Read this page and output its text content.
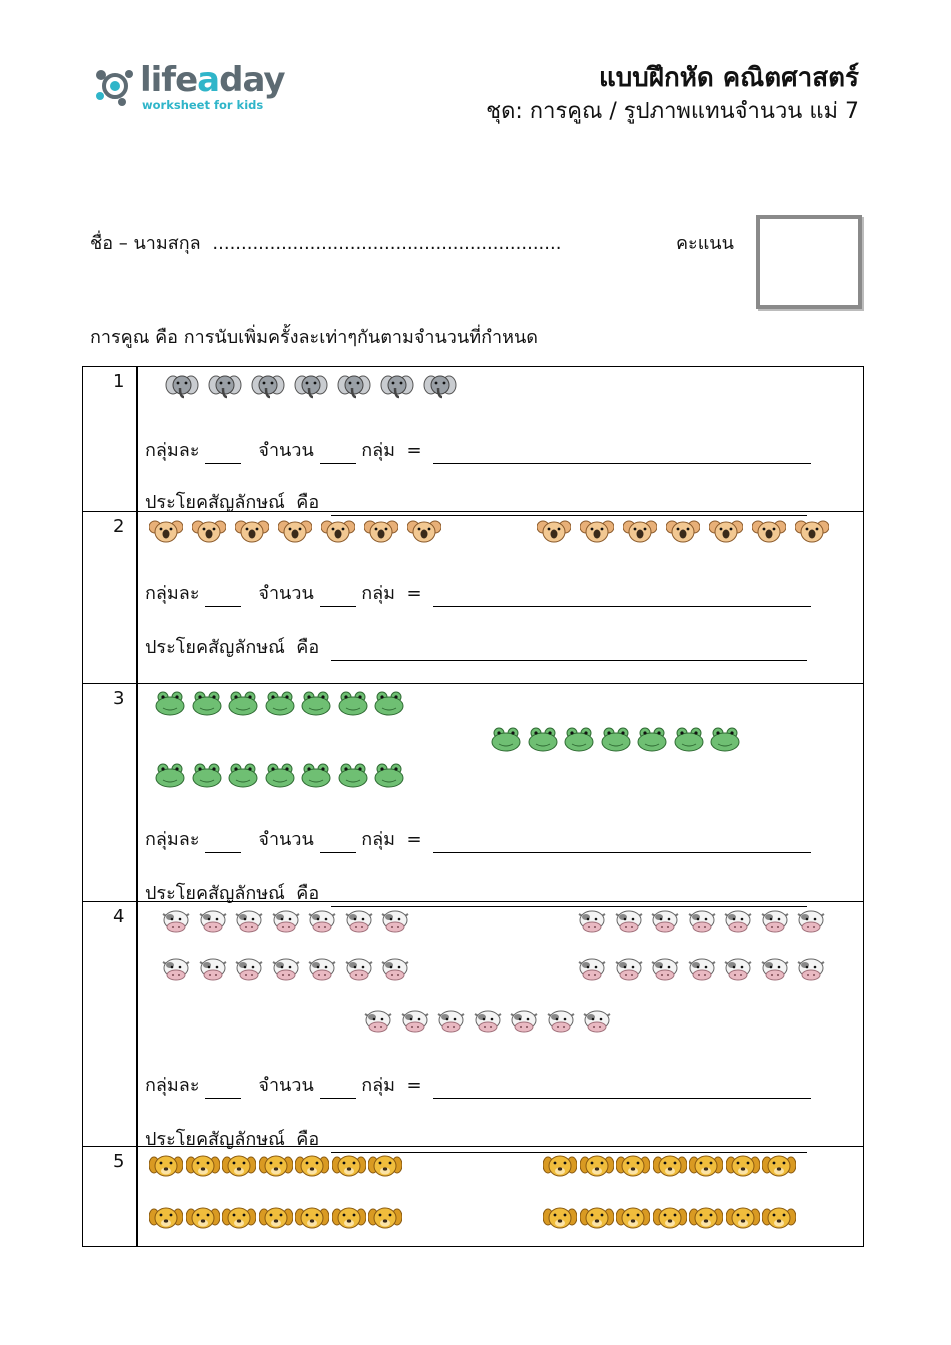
lifeaday
worksheet for kids
แบบฝึกหัด คณิตศาสตร์
ชุด: การคูณ / รูปภาพแทนจำนวน แม่ 7
ชื่อ – นามสกุล .............................................................	คะแนน
การคูณ คือ การนับเพิ่มครั้งละเท่าๆกันตามจำนวนที่กำหนด
1
กลุ่มละ	จำนวน	กลุ่ม =
ประโยคสัญลักษณ์ คือ
2
กลุ่มละ	จำนวน	กลุ่ม =
ประโยคสัญลักษณ์ คือ
3
กลุ่มละ	จำนวน	กลุ่ม =
ประโยคสัญลักษณ์ คือ
4
กลุ่มละ	จำนวน	กลุ่ม =
ประโยคสัญลักษณ์ คือ
5
